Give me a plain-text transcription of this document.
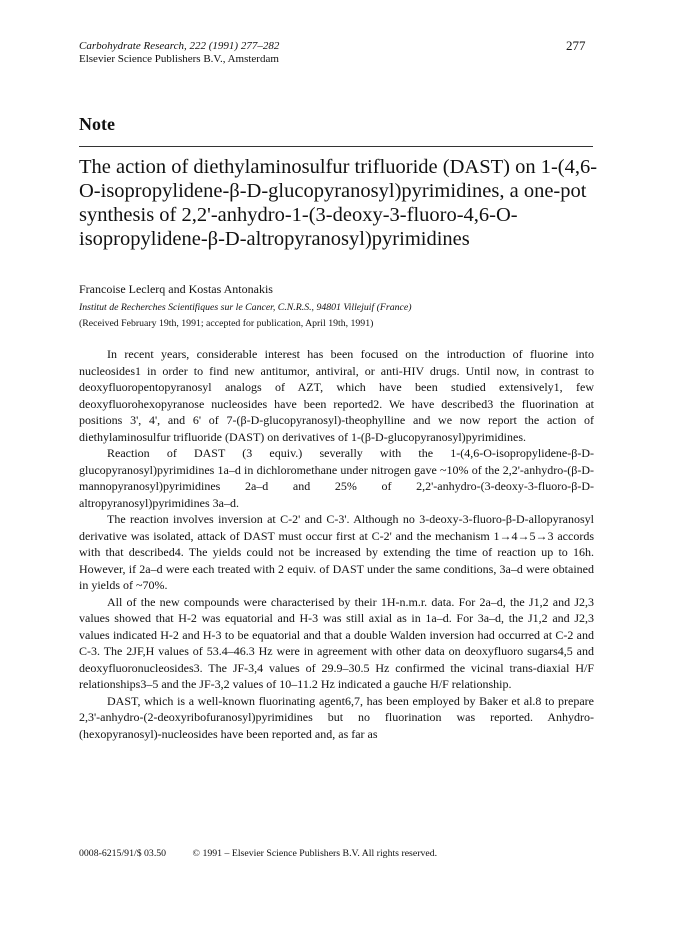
Carbohydrate Research, 222 (1991) 277–282
Elsevier Science Publishers B.V., Amsterdam
277
Note
The action of diethylaminosulfur trifluoride (DAST) on 1-(4,6-O-isopropylidene-β-D-glucopyranosyl)pyrimidines, a one-pot synthesis of 2,2'-anhydro-1-(3-deoxy-3-fluoro-4,6-O-isopropylidene-β-D-altropyranosyl)pyrimidines
Francoise Leclerq and Kostas Antonakis
Institut de Recherches Scientifiques sur le Cancer, C.N.R.S., 94801 Villejuif (France)
(Received February 19th, 1991; accepted for publication, April 19th, 1991)

In recent years, considerable interest has been focused on the introduction of fluorine into nucleosides1 in order to find new antitumor, antiviral, or anti-HIV drugs. Until now, in contrast to deoxyfluoropentopyranosyl analogs of AZT, which have been studied extensively1, few deoxyfluorohexopyranose nucleosides have been reported2. We have described3 the fluorination at positions 3', 4', and 6' of 7-(β-D-glucopyranosyl)-theophylline and we now report the action of diethylaminosulfur trifluoride (DAST) on derivatives of 1-(β-D-glucopyranosyl)pyrimidines.

Reaction of DAST (3 equiv.) severally with the 1-(4,6-O-isopropylidene-β-D-glucopyranosyl)pyrimidines 1a–d in dichloromethane under nitrogen gave ~10% of the 2,2'-anhydro-(β-D-mannopyranosyl)pyrimidines 2a–d and 25% of 2,2'-anhydro-(3-deoxy-3-fluoro-β-D-altropyranosyl)pyrimidines 3a–d.

The reaction involves inversion at C-2' and C-3'. Although no 3-deoxy-3-fluoro-β-D-allopyranosyl derivative was isolated, attack of DAST must occur first at C-2' and the mechanism 1→4→5→3 accords with that described4. The yields could not be increased by extending the time of reaction up to 16h. However, if 2a–d were each treated with 2 equiv. of DAST under the same conditions, 3a–d were obtained in yields of ~70%.

All of the new compounds were characterised by their 1H-n.m.r. data. For 2a–d, the J1,2 and J2,3 values showed that H-2 was equatorial and H-3 was still axial as in 1a–d. For 3a–d, the J1,2 and J2,3 values indicated H-2 and H-3 to be equatorial and that a double Walden inversion had occurred at C-2 and C-3. The 2JF,H values of 53.4–46.3 Hz were in agreement with other data on deoxyfluoro sugars4,5 and deoxyfluoronucleosides3. The JF-3,4 values of 29.9–30.5 Hz confirmed the vicinal trans-diaxial H/F relationships3–5 and the JF-3,2 values of 10–11.2 Hz indicated a gauche H/F relationship.

DAST, which is a well-known fluorinating agent6,7, has been employed by Baker et al.8 to prepare 2,3'-anhydro-(2-deoxyribofuranosyl)pyrimidines but no fluorination was reported. Anhydro-(hexopyranosyl)-nucleosides have been reported and, as far as

0008-6215/91/$ 03.50	© 1991 – Elsevier Science Publishers B.V. All rights reserved.
